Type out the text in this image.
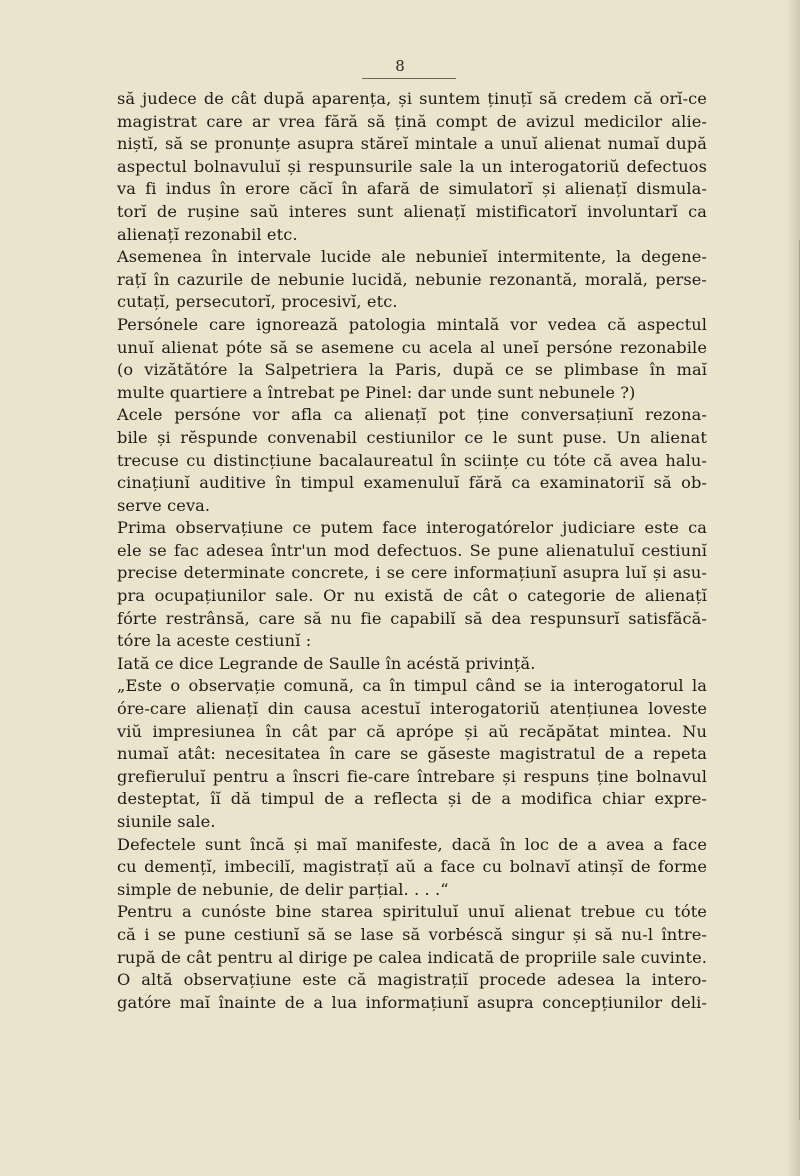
8
să judece de cât după aparența, și suntem ținuțĭ să credem că orĭ-ce
magistrat care ar vrea fără să țină compt de avizul medicilor alie-
niștĭ, să se pronunțe asupra stăreĭ mintale a unuĭ alienat numaĭ după
aspectul bolnavuluĭ și respunsurile sale la un interogatoriŭ defectuos
va fi indus în erore căcĭ în afară de simulatorĭ și alienațĭ dismula-
torĭ de rușine saŭ interes sunt alienațĭ mistificatorĭ involuntarĭ ca
alienațĭ rezonabil etc.
Asemenea în intervale lucide ale nebunieĭ intermitente, la degene-
rațĭ în cazurile de nebunie lucidă, nebunie rezonantă, morală, perse-
cutațĭ, persecutorĭ, procesivĭ, etc.
Persónele care ignorează patologia mintală vor vedea că aspectul
unuĭ alienat póte să se asemene cu acela al uneĭ persóne rezonabile
(o vizătătóre la Salpetriera la Paris, după ce se plimbase în maĭ
multe quartiere a întrebat pe Pinel: dar unde sunt nebunele ?)
Acele persóne vor afla ca alienațĭ pot ține conversațiunĭ rezona-
bile și rĕspunde convenabil cestiunilor ce le sunt puse. Un alienat
trecuse cu distincțiune bacalaureatul în sciințe cu tóte că avea halu-
cinațiunĭ auditive în timpul examenuluĭ fără ca examinatoriĭ să ob-
serve ceva.
Prima observațiune ce putem face interogatórelor judiciare este ca
ele se fac adesea într'un mod defectuos. Se pune alienatuluĭ cestiunĭ
precise determinate concrete, i se cere informațiunĭ asupra luĭ și asu-
pra ocupațiunilor sale. Or nu există de cât o categorie de alienațĭ
fórte restrânsă, care să nu fie capabilĭ să dea respunsurĭ satisfăcă-
tóre la aceste cestiunĭ :
Iată ce dice Legrande de Saulle în acéstă privință.
„Este o observație comună, ca în timpul când se ia interogatorul la
óre-care alienațĭ din causa acestuĭ interogatoriŭ atențiunea loveste
viŭ impresiunea în cât par că aprópe și aŭ recăpătat mintea. Nu
numaĭ atât: necesitatea în care se găseste magistratul de a repeta
grefieruluĭ pentru a înscri fie-care întrebare și respuns ține bolnavul
desteptat, îĭ dă timpul de a reflecta și de a modifica chiar expre-
siunile sale.
Defectele sunt încă și maĭ manifeste, dacă în loc de a avea a face
cu demențĭ, imbecilĭ, magistrațĭ aŭ a face cu bolnavĭ atinșĭ de forme
simple de nebunie, de delir parțial. . . .“
Pentru a cunóste bine starea spirituluĭ unuĭ alienat trebue cu tóte
că i se pune cestiunĭ să se lase să vorbéscă singur și să nu-l între-
rupă de cât pentru al dirige pe calea indicată de propriile sale cuvinte.
O altă observațiune este că magistrațiĭ procede adesea la intero-
gatóre maĭ înainte de a lua informațiunĭ asupra concepțiunilor deli-
